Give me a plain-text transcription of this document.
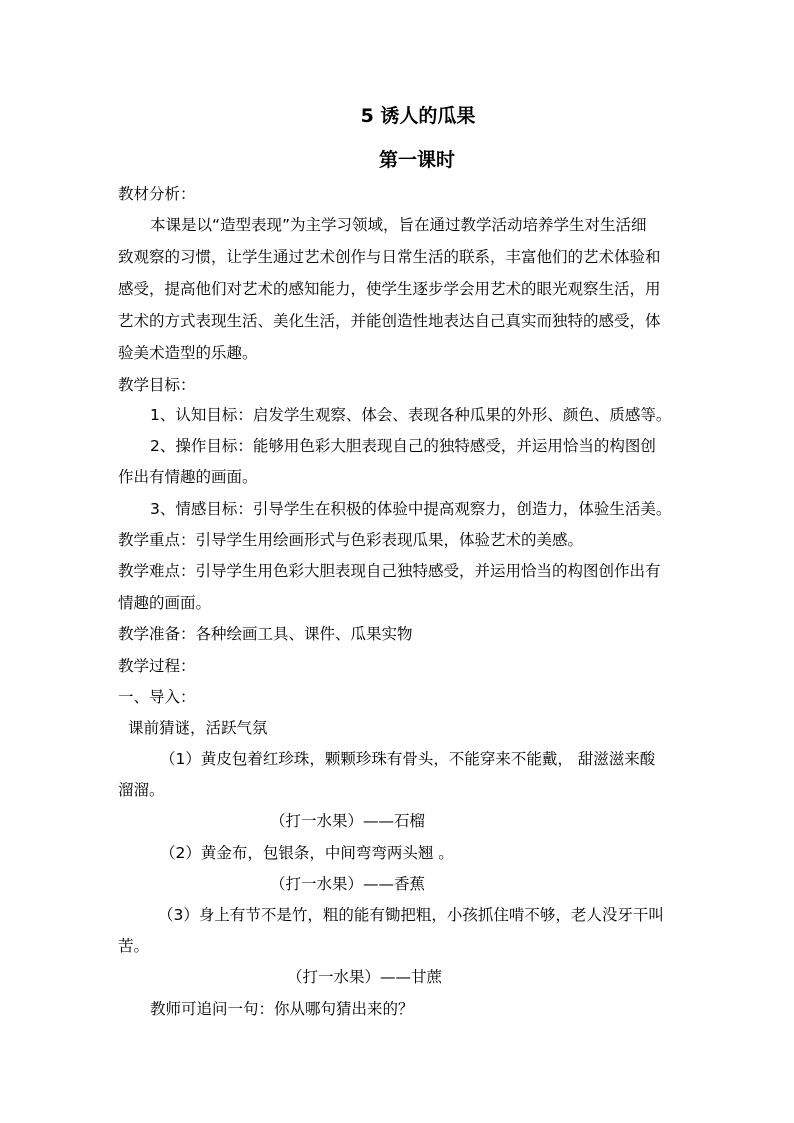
5 诱人的瓜果
第一课时

教材分析：

本课是以“造型表现”为主学习领域，旨在通过教学活动培养学生对生活细

致观察的习惯，让学生通过艺术创作与日常生活的联系，丰富他们的艺术体验和

感受，提高他们对艺术的感知能力，使学生逐步学会用艺术的眼光观察生活，用

艺术的方式表现生活、美化生活，并能创造性地表达自己真实而独特的感受，体

验美术造型的乐趣。

教学目标：

1、认知目标：启发学生观察、体会、表现各种瓜果的外形、颜色、质感等。

2、操作目标：能够用色彩大胆表现自己的独特感受，并运用恰当的构图创

作出有情趣的画面。

3、情感目标：引导学生在积极的体验中提高观察力，创造力，体验生活美。

教学重点：引导学生用绘画形式与色彩表现瓜果，体验艺术的美感。

教学难点：引导学生用色彩大胆表现自己独特感受，并运用恰当的构图创作出有

情趣的画面。

教学准备：各种绘画工具、课件、瓜果实物

教学过程：

一、导入：

课前猜谜，活跃气氛

（1）黄皮包着红珍珠，颗颗珍珠有骨头，不能穿来不能戴， 甜滋滋来酸

溜溜。

（打一水果）——石榴

（2）黄金布，包银条，中间弯弯两头翘 。

（打一水果）——香蕉

（3）身上有节不是竹，粗的能有锄把粗，小孩抓住啃不够，老人没牙干叫

苦。

（打一水果）——甘蔗

教师可追问一句：你从哪句猜出来的？
